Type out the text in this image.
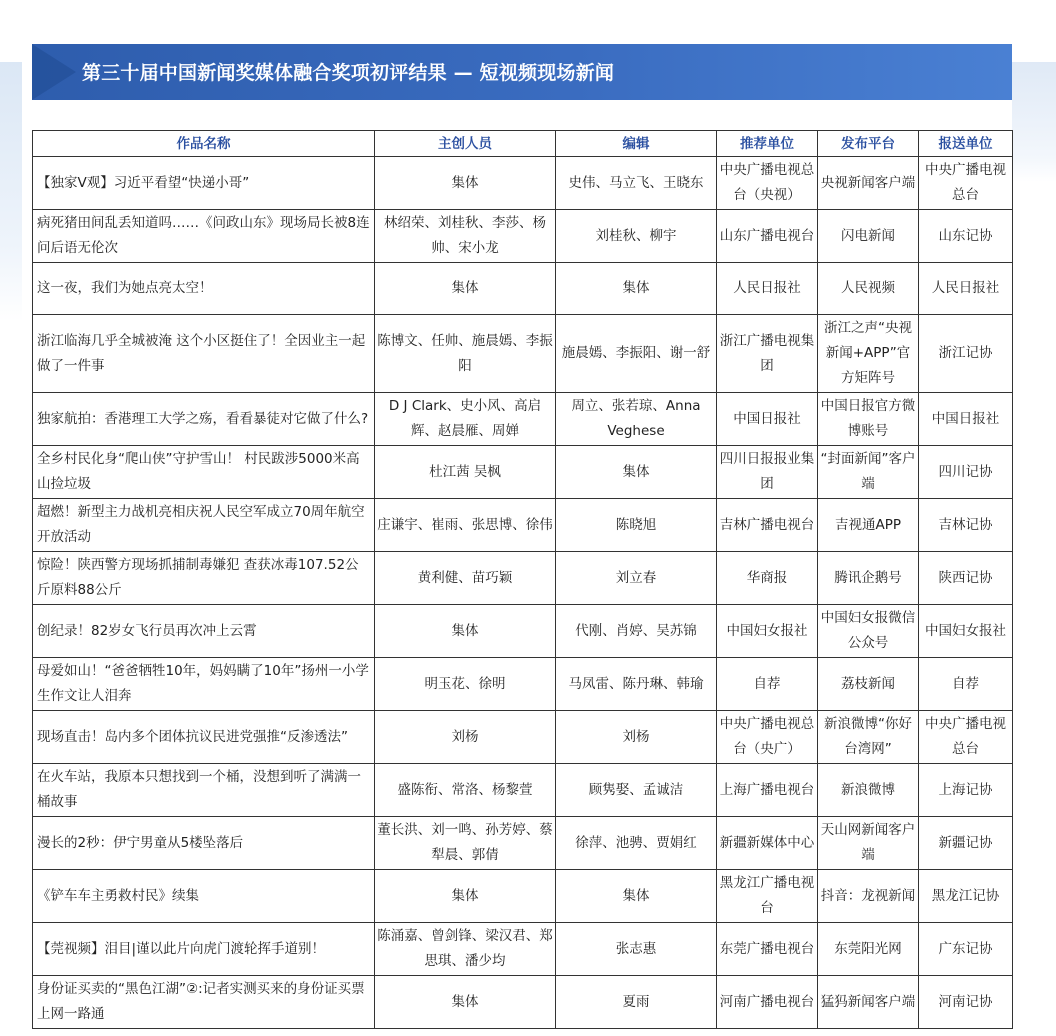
第三十届中国新闻奖媒体融合奖项初评结果 — 短视频现场新闻
作品名称	主创人员	编辑	推荐单位	发布平台	报送单位
【独家V观】习近平看望“快递小哥”	集体	史伟、马立飞、王晓东	中央广播电视总台（央视）	央视新闻客户端	中央广播电视总台
病死猪田间乱丢知道吗……《问政山东》现场局长被8连问后语无伦次	林绍荣、刘桂秋、李莎、杨帅、宋小龙	刘桂秋、柳宇	山东广播电视台	闪电新闻	山东记协
这一夜，我们为她点亮太空！	集体	集体	人民日报社	人民视频	人民日报社
浙江临海几乎全城被淹 这个小区挺住了！全因业主一起做了一件事	陈博文、任帅、施晨嫣、李振阳	施晨嫣、李振阳、谢一舒	浙江广播电视集团	浙江之声“央视新闻+APP”官方矩阵号	浙江记协
独家航拍：香港理工大学之殇，看看暴徒对它做了什么?	D J Clark、史小风、高启辉、赵晨雁、周婵	周立、张若琼、Anna Veghese	中国日报社	中国日报官方微博账号	中国日报社
全乡村民化身“爬山侠”守护雪山！ 村民跋涉5000米高山捡垃圾	杜江茜 吴枫	集体	四川日报报业集团	“封面新闻”客户端	四川记协
超燃！新型主力战机亮相庆祝人民空军成立70周年航空开放活动	庄谦宇、崔雨、张思博、徐伟	陈晓旭	吉林广播电视台	吉视通APP	吉林记协
惊险！陕西警方现场抓捕制毒嫌犯 查获冰毒107.52公斤原料88公斤	黄利健、苗巧颖	刘立春	华商报	腾讯企鹅号	陕西记协
创纪录！82岁女飞行员再次冲上云霄	集体	代刚、肖婷、吴苏锦	中国妇女报社	中国妇女报微信公众号	中国妇女报社
母爱如山！“爸爸牺牲10年，妈妈瞒了10年”扬州一小学生作文让人泪奔	明玉花、徐明	马凤雷、陈丹琳、韩瑜	自荐	荔枝新闻	自荐
现场直击！岛内多个团体抗议民进党强推“反渗透法”	刘杨	刘杨	中央广播电视总台（央广）	新浪微博“你好台湾网”	中央广播电视总台
在火车站，我原本只想找到一个桶，没想到听了满满一桶故事	盛陈衔、常洛、杨黎萱	顾隽娶、孟诚洁	上海广播电视台	新浪微博	上海记协
漫长的2秒：伊宁男童从5楼坠落后	董长洪、刘一鸣、孙芳婷、蔡犁晨、郭倩	徐萍、池骋、贾娟红	新疆新媒体中心	天山网新闻客户端	新疆记协
《铲车车主勇救村民》续集	集体	集体	黑龙江广播电视台	抖音：龙视新闻	黑龙江记协
【莞视频】泪目|谨以此片向虎门渡轮挥手道别！	陈涌嘉、曾剑锋、梁汉君、郑思琪、潘少均	张志惠	东莞广播电视台	东莞阳光网	广东记协
身份证买卖的“黑色江湖”②:记者实测买来的身份证买票上网一路通	集体	夏雨	河南广播电视台	猛犸新闻客户端	河南记协
